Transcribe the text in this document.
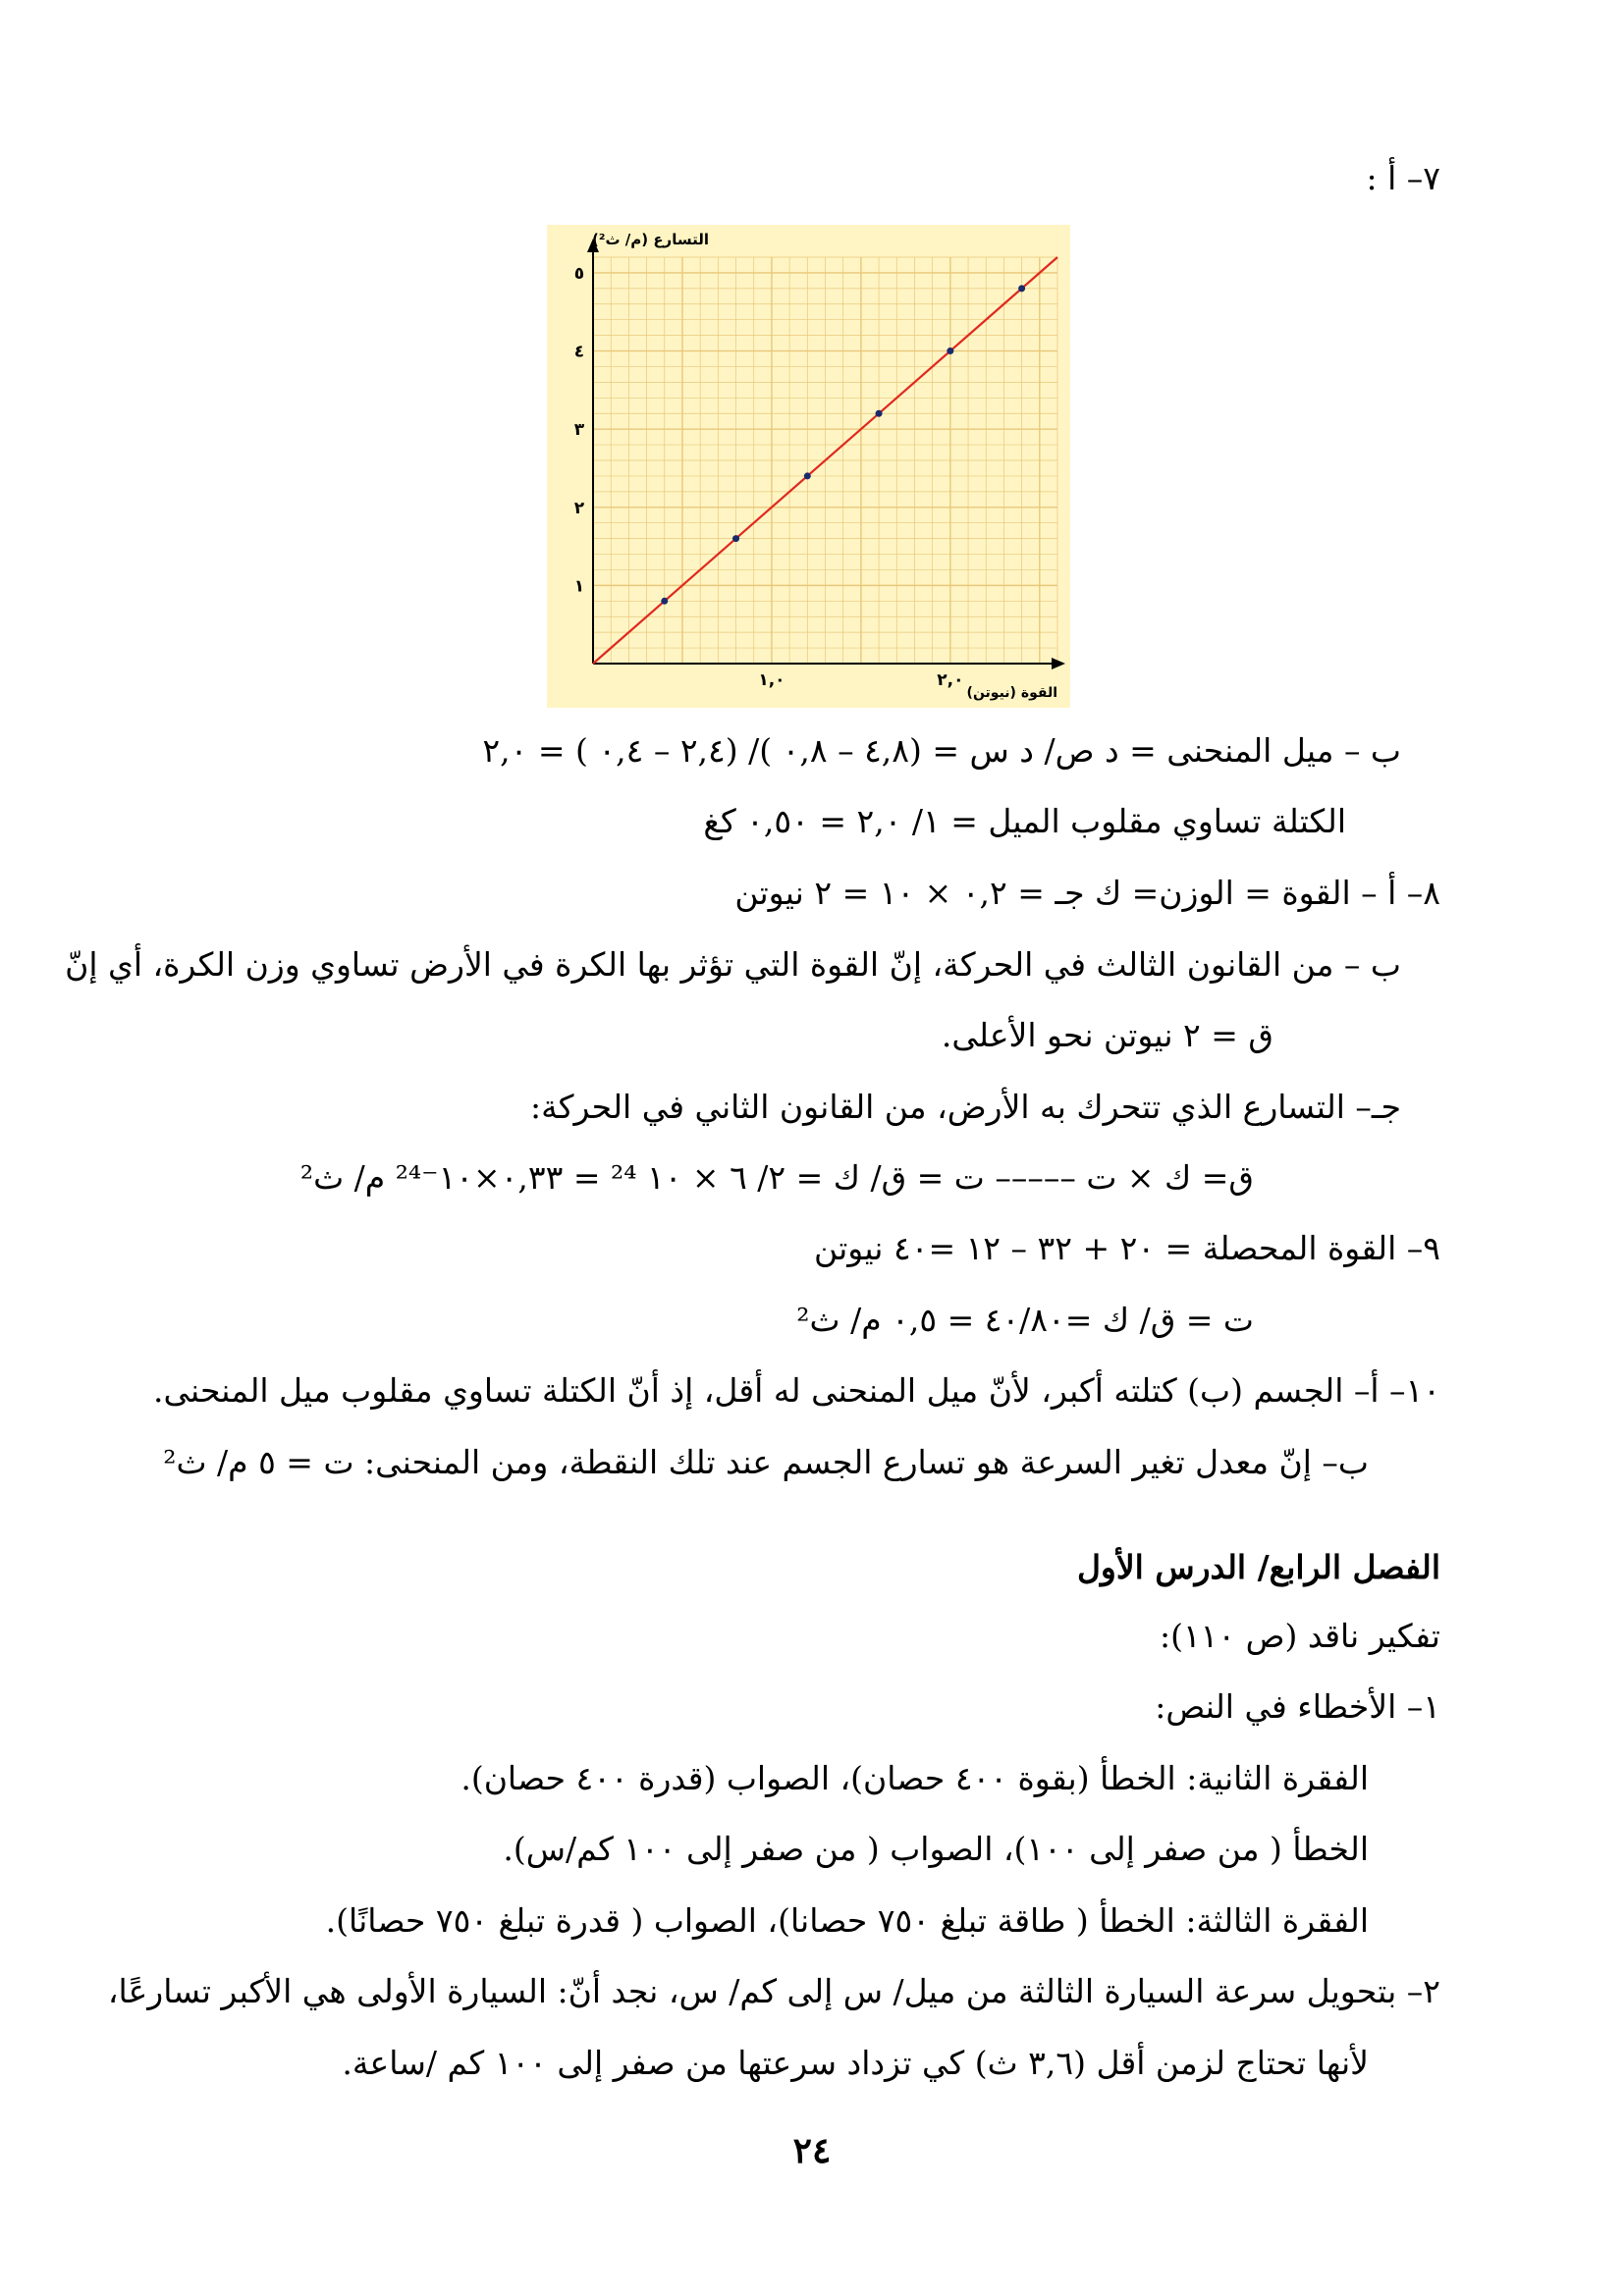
٧– أ :
١
٢
٣
٤
٥
١,٠	٢,٠
التسارع (م/ ث²)
القوة (نيوتن)
ب – ميل المنحنى = د ص/ د س = (٤,٨ – ٠,٨ )/ (٢,٤ – ٠,٤ ) = ٢,٠
الكتلة تساوي مقلوب الميل = ١/ ٢,٠ = ٠,٥٠ كغ
٨– أ – القوة = الوزن= ك جـ = ٠,٢ × ١٠ = ٢ نيوتن
ب – من القانون الثالث في الحركة، إنّ القوة التي تؤثر بها الكرة في الأرض تساوي وزن الكرة، أي إنّ
ق = ٢ نيوتن نحو الأعلى.
جـ– التسارع الذي تتحرك به الأرض، من القانون الثاني في الحركة:
ق= ك × ت ––––– ت = ق/ ك = ٢/ ٦ × ١٠ ²⁴ = ٠,٣٣×١٠⁻²⁴ م/ ث²
٩– القوة المحصلة = ٢٠ + ٣٢ – ١٢ =٤٠ نيوتن
ت = ق/ ك =٤٠/٨٠ = ٠,٥ م/ ث²
١٠– أ– الجسم (ب) كتلته أكبر، لأنّ ميل المنحنى له أقل، إذ أنّ الكتلة تساوي مقلوب ميل المنحنى.
ب– إنّ معدل تغير السرعة هو تسارع الجسم عند تلك النقطة، ومن المنحنى: ت = ٥ م/ ث²
الفصل الرابع/ الدرس الأول
تفكير ناقد (ص ١١٠):
١– الأخطاء في النص:
الفقرة الثانية: الخطأ (بقوة ٤٠٠ حصان)، الصواب (قدرة ٤٠٠ حصان).
الخطأ ( من صفر إلى ١٠٠)، الصواب ( من صفر إلى ١٠٠ كم/س).
الفقرة الثالثة: الخطأ ( طاقة تبلغ ٧٥٠ حصانا)، الصواب ( قدرة تبلغ ٧٥٠ حصانًا).
٢– بتحويل سرعة السيارة الثالثة من ميل/ س إلى كم/ س، نجد أنّ: السيارة الأولى هي الأكبر تسارعًا،
لأنها تحتاج لزمن أقل (٣,٦ ث) كي تزداد سرعتها من صفر إلى ١٠٠ كم /ساعة.
٢٤
